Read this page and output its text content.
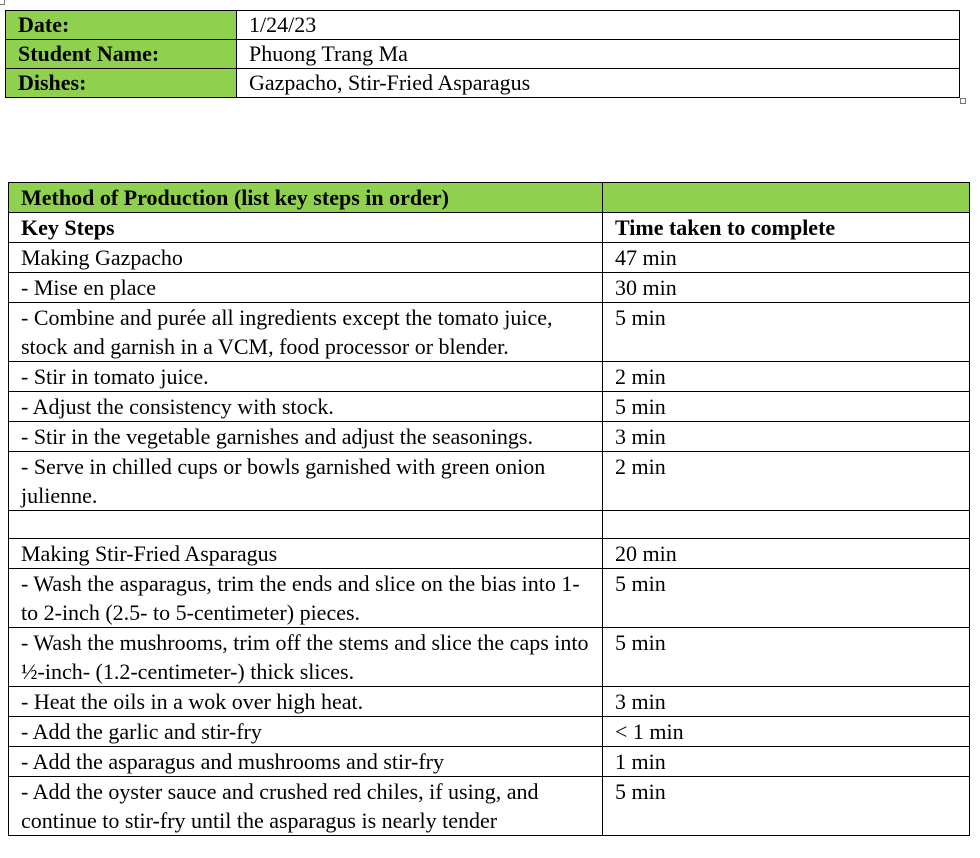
Date:	1/24/23
Student Name:	Phuong Trang Ma
Dishes:	Gazpacho, Stir-Fried Asparagus
Method of Production (list key steps in order)	
Key Steps	Time taken to complete
Making Gazpacho	47 min
- Mise en place	30 min
- Combine and purée all ingredients except the tomato juice, stock and garnish in a VCM, food processor or blender.	5 min
- Stir in tomato juice.	2 min
- Adjust the consistency with stock.	5 min
- Stir in the vegetable garnishes and adjust the seasonings.	3 min
- Serve in chilled cups or bowls garnished with green onion julienne.	2 min

Making Stir-Fried Asparagus	20 min
- Wash the asparagus, trim the ends and slice on the bias into 1- to 2-inch (2.5- to 5-centimeter) pieces.	5 min
- Wash the mushrooms, trim off the stems and slice the caps into ½-inch- (1.2-centimeter-) thick slices.	5 min
- Heat the oils in a wok over high heat.	3 min
- Add the garlic and stir-fry	< 1 min
- Add the asparagus and mushrooms and stir-fry	1 min
- Add the oyster sauce and crushed red chiles, if using, and continue to stir-fry until the asparagus is nearly tender	5 min
